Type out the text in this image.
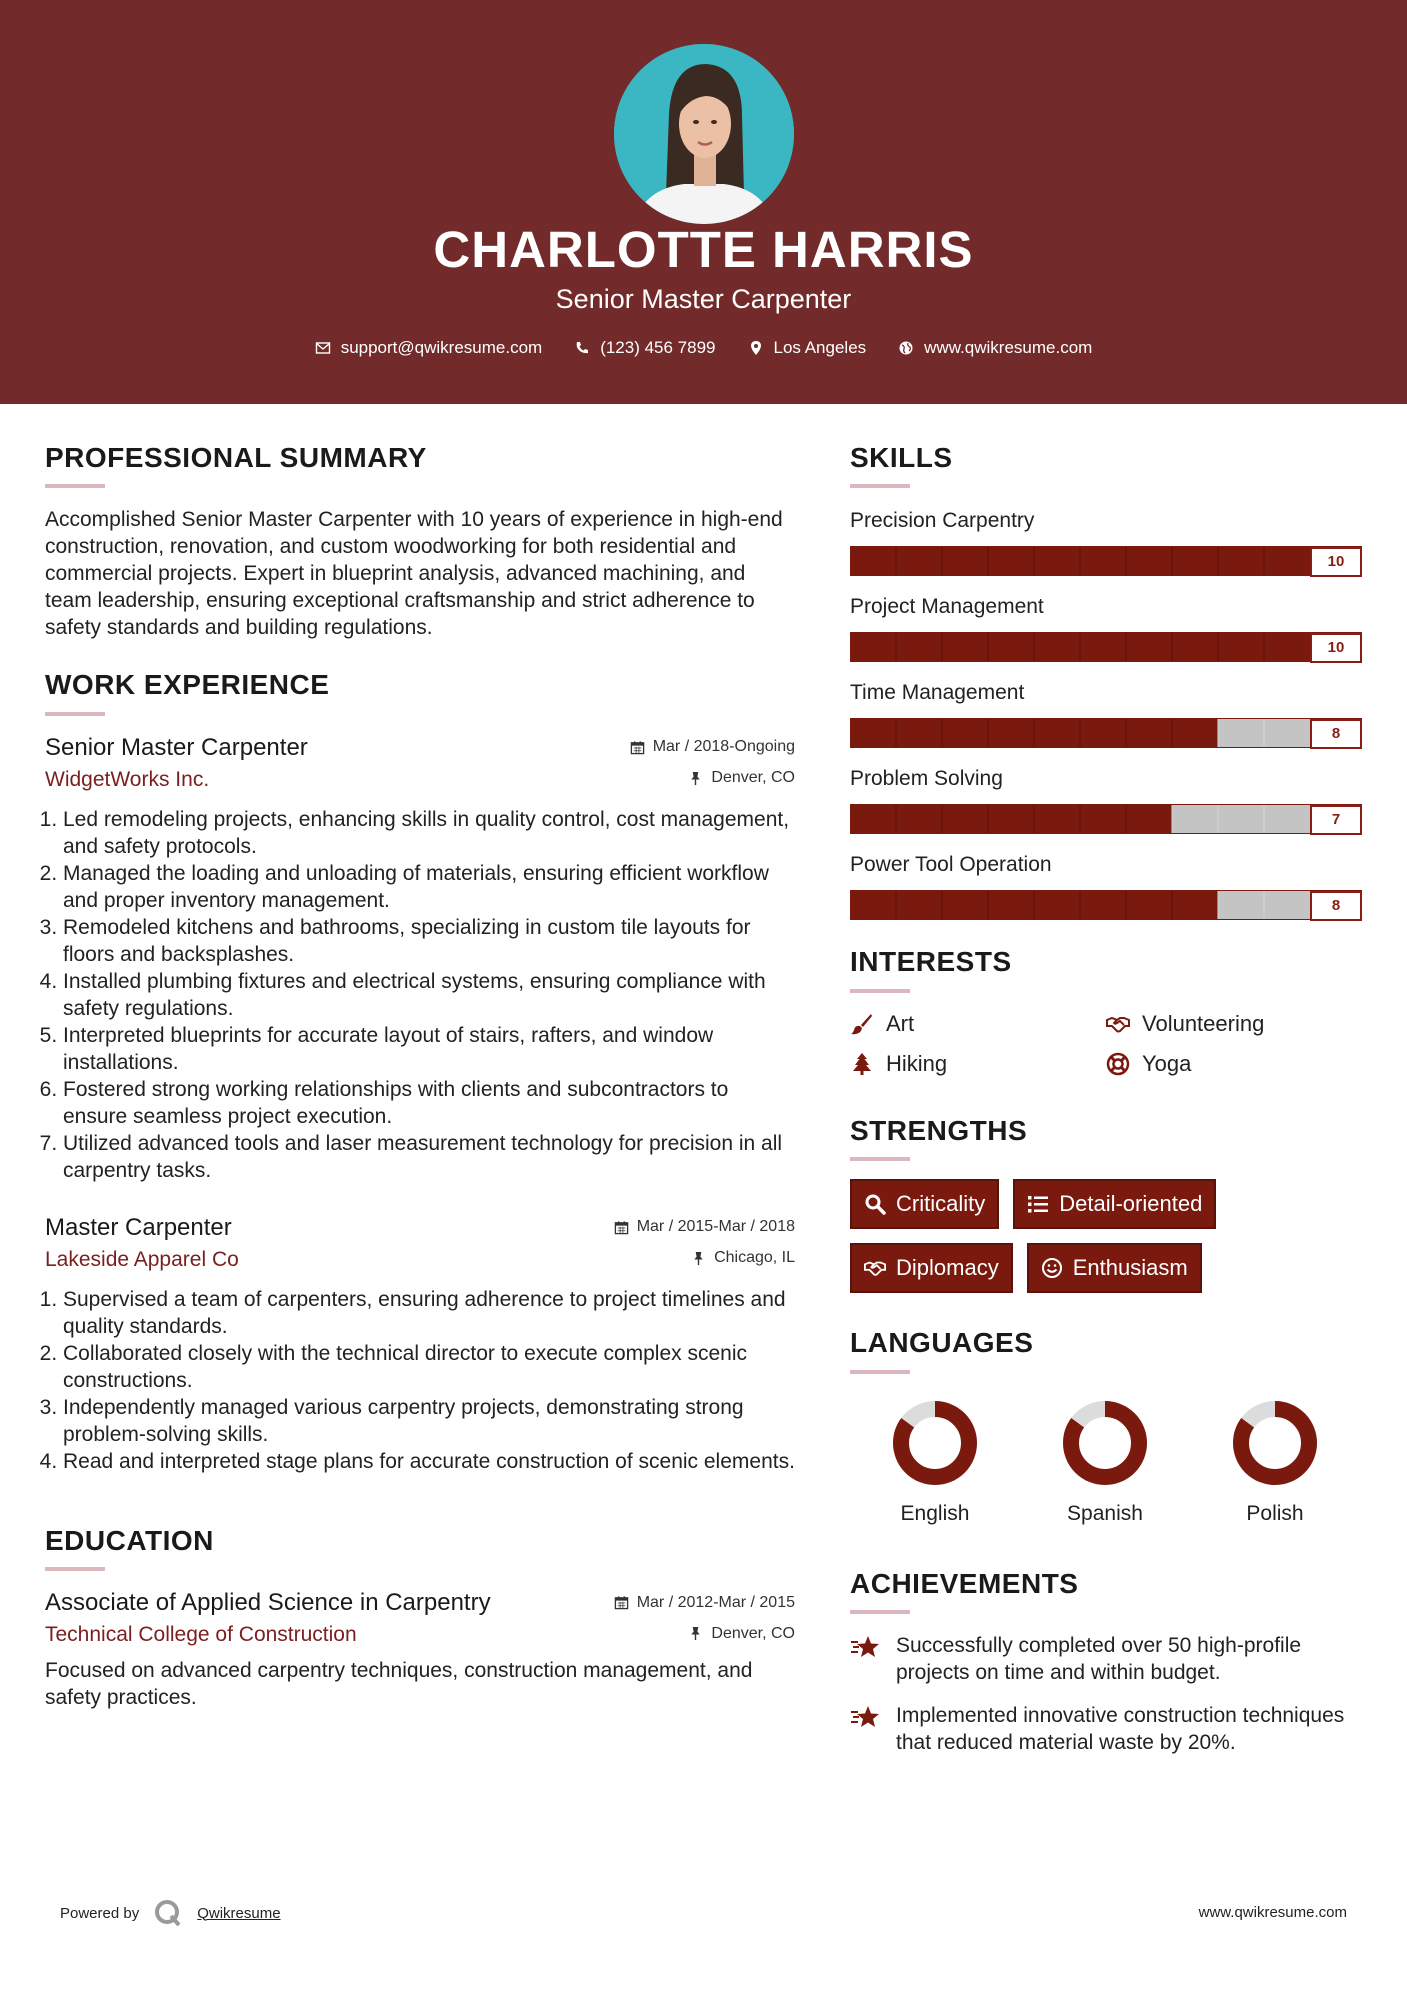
CHARLOTTE HARRIS
Senior Master Carpenter
support@qwikresume.com	(123) 456 7899	Los Angeles	www.qwikresume.com
PROFESSIONAL SUMMARY

Accomplished Senior Master Carpenter with 10 years of experience in high-end construction, renovation, and custom woodworking for both residential and commercial projects. Expert in blueprint analysis, advanced machining, and team leadership, ensuring exceptional craftsmanship and strict adherence to safety standards and building regulations.

WORK EXPERIENCE
Senior Master Carpenter	Mar / 2018-Ongoing
WidgetWorks Inc.	Denver, CO
1. Led remodeling projects, enhancing skills in quality control, cost management, and safety protocols.
2. Managed the loading and unloading of materials, ensuring efficient workflow and proper inventory management.
3. Remodeled kitchens and bathrooms, specializing in custom tile layouts for floors and backsplashes.
4. Installed plumbing fixtures and electrical systems, ensuring compliance with safety regulations.
5. Interpreted blueprints for accurate layout of stairs, rafters, and window installations.
6. Fostered strong working relationships with clients and subcontractors to ensure seamless project execution.
7. Utilized advanced tools and laser measurement technology for precision in all carpentry tasks.
Master Carpenter	Mar / 2015-Mar / 2018
Lakeside Apparel Co	Chicago, IL
1. Supervised a team of carpenters, ensuring adherence to project timelines and quality standards.
2. Collaborated closely with the technical director to execute complex scenic constructions.
3. Independently managed various carpentry projects, demonstrating strong problem-solving skills.
4. Read and interpreted stage plans for accurate construction of scenic elements.
EDUCATION
Associate of Applied Science in Carpentry	Mar / 2012-Mar / 2015
Technical College of Construction	Denver, CO

Focused on advanced carpentry techniques, construction management, and safety practices.

SKILLS
Precision Carpentry
10
Project Management
10
Time Management
8
Problem Solving
7
Power Tool Operation
8
INTERESTS
Art	Volunteering
Hiking	Yoga
STRENGTHS
Criticality	Detail-oriented
Diplomacy	Enthusiasm
LANGUAGES
English	Spanish	Polish
ACHIEVEMENTS
Successfully completed over 50 high-profile projects on time and within budget.
Implemented innovative construction techniques that reduced material waste by 20%.
Powered by	Qwikresume	www.qwikresume.com
